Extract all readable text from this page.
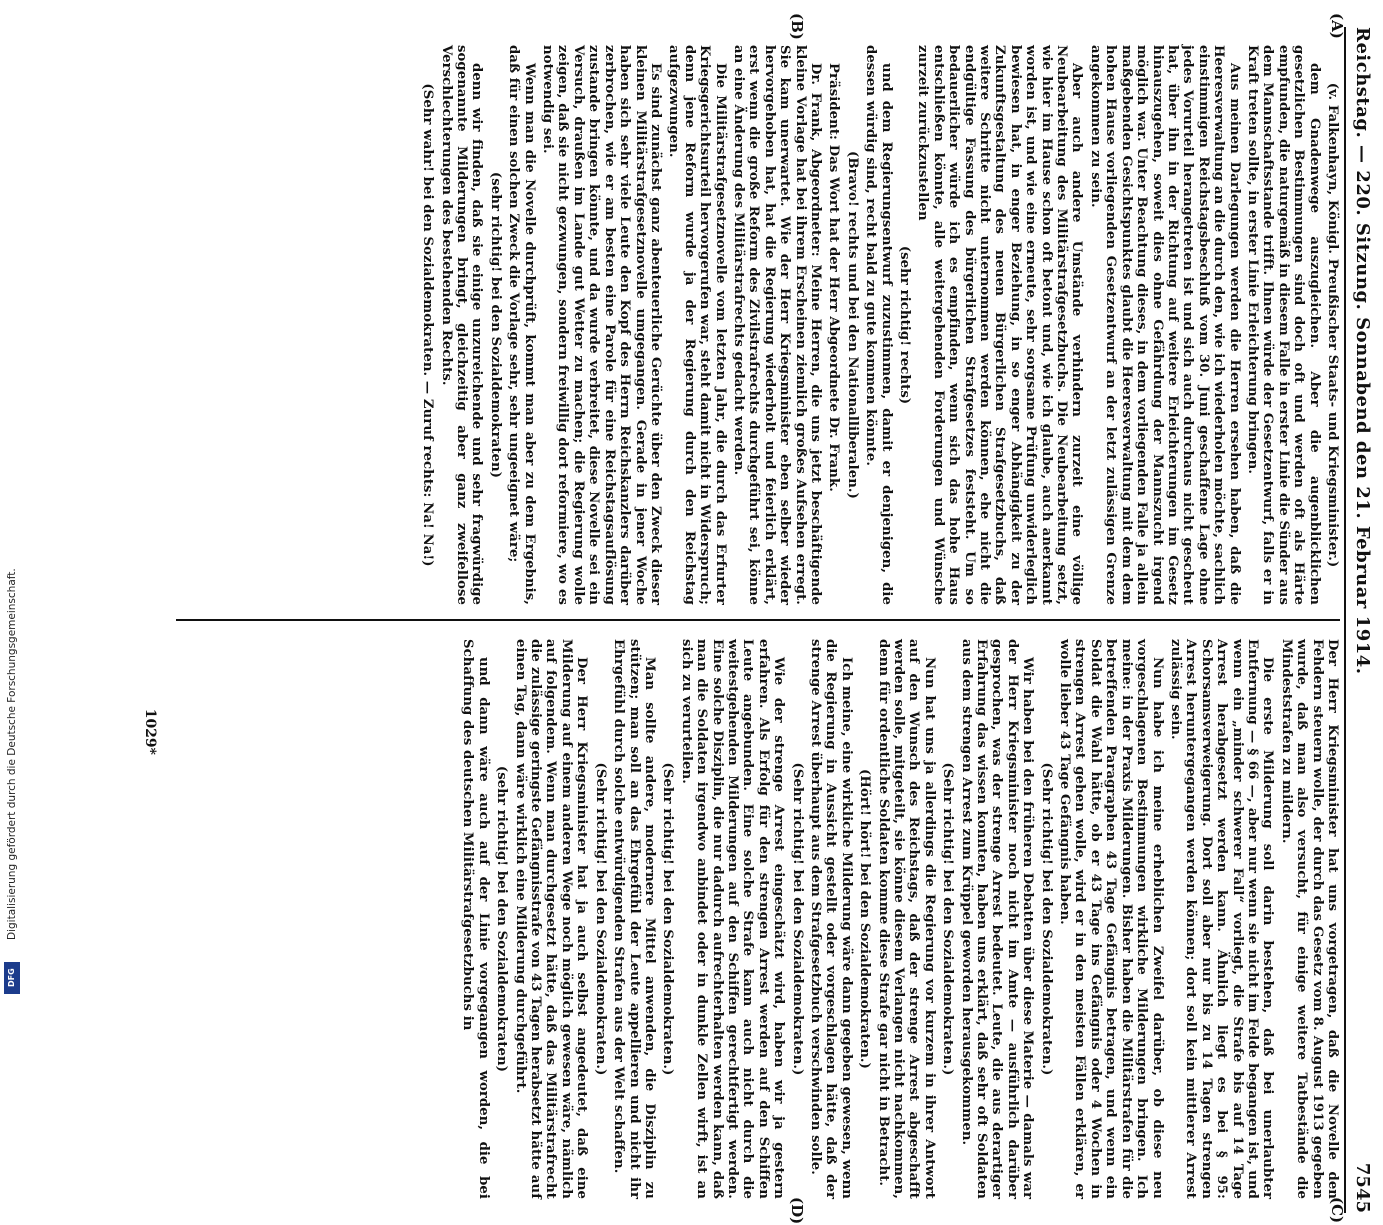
Digitalisierung gefördert durch die Deutsche Forschungsgemeinschaft.
DFG
Reichstag. — 220. Sitzung. Sonnabend den 21. Februar 1914.
7545
(A)
(B)
(C)
(D)

(v. Falkenhayn, Königl. Preußischer Staats- und Kriegsminister.)

dem Gnadenwege auszugleichen. Aber die augenblicklichen gesetzlichen Bestimmungen sind doch oft und werden oft als Härte empfunden, die naturgemäß in diesem Falle in erster Linie die Sünder aus dem Mannschaftsstande trifft. Ihnen würde der Gesetzentwurf, falls er in Kraft treten sollte, in erster Linie Erleichterung bringen.

Aus meinen Darlegungen werden die Herren ersehen haben, daß die Heeresverwaltung an die durch den, wie ich wiederholen möchte, sachlich einstimmigen Reichstagsbeschluß vom 30. Juni geschaffene Lage ohne jedes Vorurteil herangetreten ist und sich auch durchaus nicht gescheut hat, über ihn in der Richtung auf weitere Erleichterungen im Gesetz hinauszugehen, soweit dies ohne Gefährdung der Mannszucht irgend möglich war. Unter Beachtung dieses, in dem vorliegenden Falle ja allein maßgebenden Gesichtspunktes glaubt die Heeresverwaltung mit dem dem hohen Hause vorliegenden Gesetzentwurf an der letzt zulässigen Grenze angekommen zu sein.

Aber auch andere Umstände verhindern zurzeit eine völlige Neubearbeitung des Militärstrafgesetzbuchs. Die Neubearbeitung setzt, wie hier im Hause schon oft betont und, wie ich glaube, auch anerkannt worden ist, und wie eine erneute, sehr sorgsame Prüfung unwiderleglich bewiesen hat, in enger Beziehung, in so enger Abhängigkeit zu der Zukunftsgestaltung des neuen Bürgerlichen Strafgesetzbuchs, daß weitere Schritte nicht unternommen werden können, ehe nicht die endgültige Fassung des bürgerlichen Strafgesetzes feststeht. Um so bedauerlicher würde ich es empfinden, wenn sich das hohe Haus entschließen könnte, alle weitergehenden Forderungen und Wünsche zurzeit zurückzustellen

(sehr richtig! rechts)

und dem Regierungsentwurf zuzustimmen, damit er denjenigen, die dessen würdig sind, recht bald zu gute kommen könnte.

(Bravo! rechts und bei den Nationalliberalen.)

Präsident: Das Wort hat der Herr Abgeordnete Dr. Frank.

Dr. Frank, Abgeordneter: Meine Herren, die uns jetzt beschäftigende kleine Vorlage hat bei ihrem Erscheinen ziemlich großes Aufsehen erregt. Sie kam unerwartet. Wie der Herr Kriegsminister eben selber wieder hervorgehoben hat, hat die Regierung wiederholt und feierlich erklärt, erst wenn die große Reform des Zivilstrafrechts durchgeführt sei, könne an eine Änderung des Militärstrafrechts gedacht werden.

Die Militärstrafgesetznovelle vom letzten Jahr, die durch das Erfurter Kriegsgerichtsurteil hervorgerufen war, steht damit nicht in Widerspruch; denn jene Reform wurde ja der Regierung durch den Reichstag aufgezwungen.

Es sind zunächst ganz abenteuerliche Gerüchte über den Zweck dieser kleinen Militärstrafgesetznovelle umgegangen. Gerade in jener Woche haben sich sehr viele Leute den Kopf des Herrn Reichskanzlers darüber zerbrochen, wie er am besten eine Parole für eine Reichstagsauflösung zustande bringen könnte, und da wurde verbreitet, diese Novelle sei ein Versuch, draußen im Lande gut Wetter zu machen; die Regierung wolle zeigen, daß sie nicht gezwungen, sondern freiwillig dort reformiere, wo es notwendig sei.

Wenn man die Novelle durchprüft, kommt man aber zu dem Ergebnis, daß für einen solchen Zweck die Vorlage sehr, sehr ungeeignet wäre;

(sehr richtig! bei den Sozialdemokraten)

denn wir finden, daß sie einige unzureichende und sehr fragwürdige sogenannte Milderungen bringt, gleichzeitig aber ganz zweifellose Verschlechterungen des bestehenden Rechts.

(Sehr wahr! bei den Sozialdemokraten. — Zuruf rechts: Na! Na!)

Der Herr Kriegsminister hat uns vorgetragen, daß die Novelle den Fehdern steuern wolle, der durch das Gesetz vom 8. August 1913 gegeben wurde, daß man also versucht, für einige weitere Tatbestände die Mindeststrafen zu mildern.

Die erste Milderung soll darin bestehen, daß bei unerlaubter Entfernung — § 66 —, aber nur wenn sie nicht im Felde begangen ist, und wenn ein „minder schwerer Fall“ vorliegt, die Strafe bis auf 14 Tage Arrest herabgesetzt werden kann. Ähnlich liegt es bei § 95: Schorsamsverweigerung. Dort soll aber nur bis zu 14 Tagen strengen Arrest heruntergegangen werden können; dort soll kein mittlerer Arrest zulässig sein.

Nun habe ich meine erheblichen Zweifel darüber, ob diese neu vorgeschlagenen Bestimmungen wirkliche Milderungen bringen. Ich meine: in der Praxis Milderungen. Bisher haben die Militärstrafen für die betreffenden Paragraphen 43 Tage Gefängnis betragen, und wenn ein Soldat die Wahl hätte, ob er 43 Tage ins Gefängnis oder 4 Wochen in strengen Arrest gehen wolle, wird er in den meisten Fällen erklären, er wolle lieber 43 Tage Gefängnis haben.

(Sehr richtig! bei den Sozialdemokraten.)

Wir haben bei den früheren Debatten über diese Materie — damals war der Herr Kriegsminister noch nicht im Amte — ausführlich darüber gesprochen, was der strenge Arrest bedeutet. Leute, die aus derartiger Erfahrung das wissen konnten, haben uns erklärt, daß sehr oft Soldaten aus dem strengen Arrest zum Krüppel geworden herausgekommen.

(Sehr richtig! bei den Sozialdemokraten.)

Nun hat uns ja allerdings die Regierung vor kurzem in ihrer Antwort auf den Wunsch des Reichstags, daß der strenge Arrest abgeschafft werden solle, mitgeteilt, sie könne diesem Verlangen nicht nachkommen, denn für ordentliche Soldaten komme diese Strafe gar nicht in Betracht.

(Hört! hört! bei den Sozialdemokraten.)

Ich meine, eine wirkliche Milderung wäre dann gegeben gewesen, wenn die Regierung in Aussicht gestellt oder vorgeschlagen hätte, daß der strenge Arrest überhaupt aus dem Strafgesetzbuch verschwinden solle.

(Sehr richtig! bei den Sozialdemokraten.)

Wie der strenge Arrest eingeschätzt wird, haben wir ja gestern erfahren. Als Erfolg für den strengen Arrest werden auf den Schiffen Leute angebunden. Eine solche Strafe kann auch nicht durch die weitestgehenden Milderungen auf den Schiffen gerechtfertigt werden. Eine solche Disziplin, die nur dadurch aufrechterhalten werden kann, daß man die Soldaten irgendwo anbindet oder in dunkle Zellen wirft, ist an sich zu verurteilen.

(Sehr richtig! bei den Sozialdemokraten.)

Man sollte andere, modernere Mittel anwenden, die Disziplin zu stützen; man soll an das Ehrgefühl der Leute appellieren und nicht ihr Ehrgefühl durch solche entwürdigenden Strafen aus der Welt schaffen.

(Sehr richtig! bei den Sozialdemokraten.)

Der Herr Kriegsminister hat ja auch selbst angedeutet, daß eine Milderung auf einem anderen Wege noch möglich gewesen wäre, nämlich auf folgendem. Wenn man durchgesetzt hätte, daß das Militärstrafrecht die zulässige geringste Gefängnisstrafe von 43 Tagen herabsetzt hätte auf einen Tag, dann wäre wirklich eine Milderung durchgeführt.

(sehr richtig! bei den Sozialdemokraten)

und dann wäre auch auf der Linie vorgegangen worden, die bei Schaffung des deutschen Militärstrafgesetzbuchs in

1029*
